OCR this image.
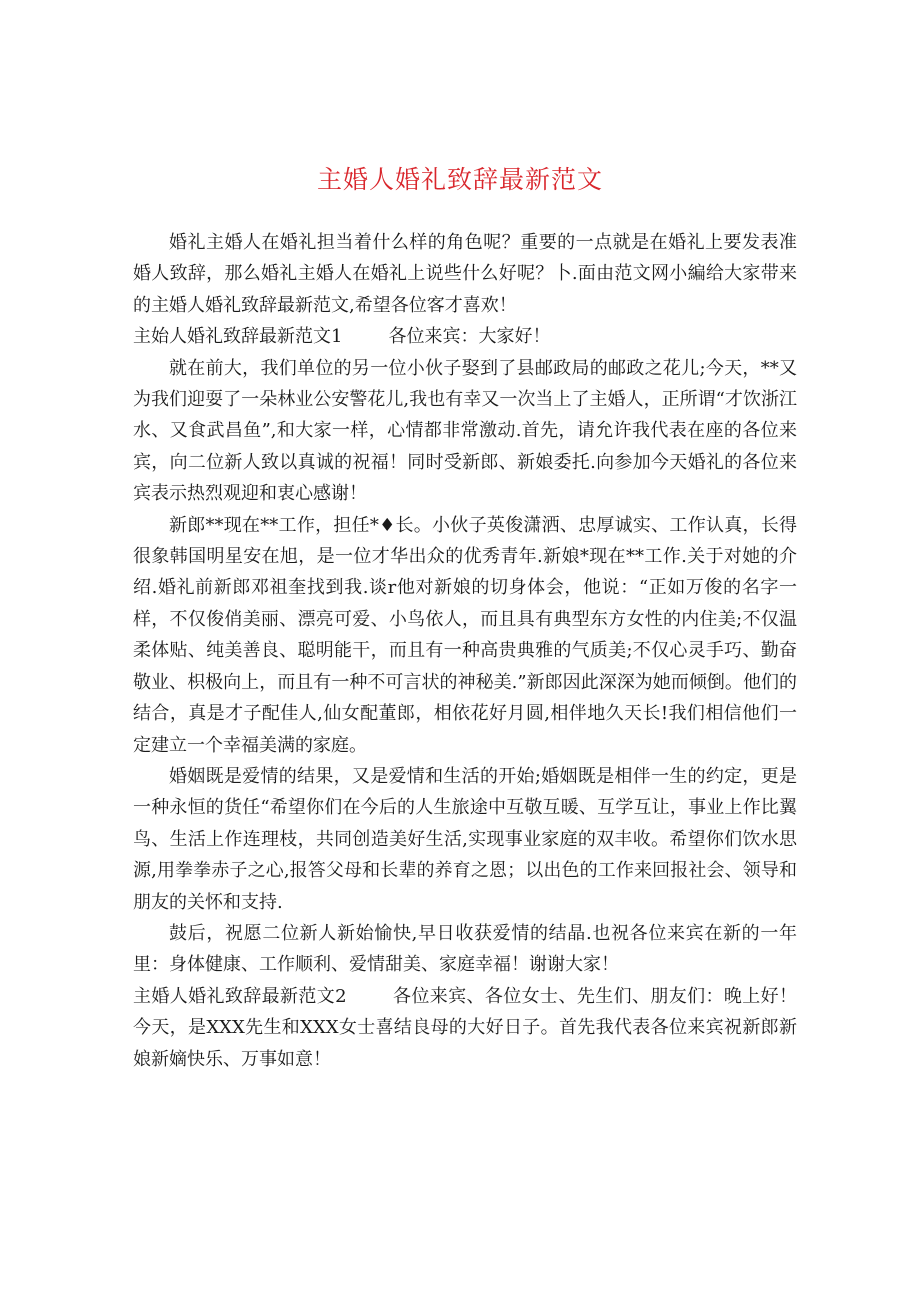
主婚人婚礼致辞最新范文

婚礼主婚人在婚礼担当着什么样的角色呢？重要的一点就是在婚礼上要发表准婚人致辞，那么婚礼主婚人在婚礼上说些什么好呢？卜.面由范文网小編给大家带来的主婚人婚礼致辞最新范文,希望各位客才喜欢！

主始人婚礼致辞最新范文1	各位来宾：大家好！

就在前大，我们单位的另一位小伙子娶到了县邮政局的邮政之花儿;今天，**又为我们迎耍了一朵林业公安警花儿,我也有幸又一次当上了主婚人，正所谓“才饮浙江水、又食武昌鱼”,和大家一样，心情都非常激动.首先，请允许我代表在座的各位来宾，向二位新人致以真诚的祝福！同时受新郎、新娘委托.向参加今天婚礼的各位来宾表示热烈观迎和衷心感谢！

新郎**现在**工作，担任*♦长。小伙子英俊潇洒、忠厚诚实、工作认真，长得很象韩国明星安在旭，是一位才华出众的优秀青年.新娘*现在**工作.关于对她的介绍.婚礼前新郎邓祖奎找到我.谈r他对新娘的切身体会，他说：“正如万俊的名字一样，不仅俊俏美丽、漂亮可爱、小鸟依人，而且具有典型东方女性的内住美;不仅温柔体贴、纯美善良、聪明能干，而且有一种高贵典雅的气质美;不仅心灵手巧、勤奋敬业、枳极向上，而且有一种不可言状的神秘美.”新郎因此深深为她而倾倒。他们的结合，真是才子配佳人,仙女配董郎，相依花好月圆,相伴地久天长!我们相信他们一定建立一个幸福美满的家庭。

婚姻既是爱情的结果，又是爱情和生活的开始;婚姻既是相伴一生的约定，更是一种永恒的货任“希望你们在今后的人生旅途中互敬互暖、互学互让，事业上作比翼鸟、生活上作连理枝，共同创造美好生活,实现事业家庭的双丰收。希望你们饮水思源,用拳拳赤子之心,报答父母和长辈的养育之恩；以出色的工作来回报社会、领导和朋友的关怀和支持.

鼓后，祝愿二位新人新始愉快,早日收获爱情的结晶.也祝各位来宾在新的一年里：身体健康、工作顺利、爱情甜美、家庭幸福！谢谢大家！

主婚人婚礼致辞最新范文2	各位来宾、各位女士、先生们、朋友们：晚上好！今天，是XXX先生和XXX女士喜结良母的大好日子。首先我代表各位来宾祝新郎新娘新嫡快乐、万事如意！
